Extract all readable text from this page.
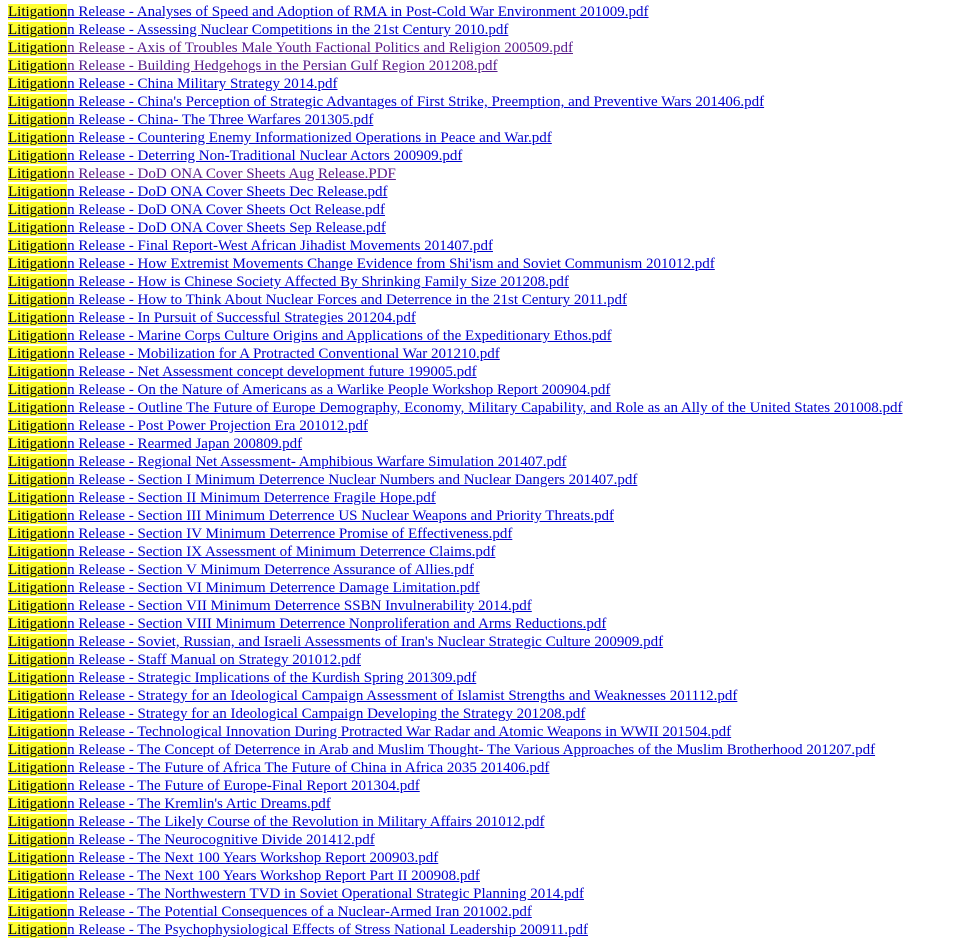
Litigationn Release - Analyses of Speed and Adoption of RMA in Post-Cold War Environment 201009.pdf
Litigationn Release - Assessing Nuclear Competitions in the 21st Century 2010.pdf
Litigationn Release - Axis of Troubles Male Youth Factional Politics and Religion 200509.pdf
Litigationn Release - Building Hedgehogs in the Persian Gulf Region 201208.pdf
Litigationn Release - China Military Strategy 2014.pdf
Litigationn Release - China's Perception of Strategic Advantages of First Strike, Preemption, and Preventive Wars 201406.pdf
Litigationn Release - China- The Three Warfares 201305.pdf
Litigationn Release - Countering Enemy Informationized Operations in Peace and War.pdf
Litigationn Release - Deterring Non-Traditional Nuclear Actors 200909.pdf
Litigationn Release - DoD ONA Cover Sheets Aug Release.PDF
Litigationn Release - DoD ONA Cover Sheets Dec Release.pdf
Litigationn Release - DoD ONA Cover Sheets Oct Release.pdf
Litigationn Release - DoD ONA Cover Sheets Sep Release.pdf
Litigationn Release - Final Report-West African Jihadist Movements 201407.pdf
Litigationn Release - How Extremist Movements Change Evidence from Shi'ism and Soviet Communism 201012.pdf
Litigationn Release - How is Chinese Society Affected By Shrinking Family Size 201208.pdf
Litigationn Release - How to Think About Nuclear Forces and Deterrence in the 21st Century 2011.pdf
Litigationn Release - In Pursuit of Successful Strategies 201204.pdf
Litigationn Release - Marine Corps Culture Origins and Applications of the Expeditionary Ethos.pdf
Litigationn Release - Mobilization for A Protracted Conventional War 201210.pdf
Litigationn Release - Net Assessment concept development future 199005.pdf
Litigationn Release - On the Nature of Americans as a Warlike People Workshop Report 200904.pdf
Litigationn Release - Outline The Future of Europe Demography, Economy, Military Capability, and Role as an Ally of the United States 201008.pdf
Litigationn Release - Post Power Projection Era 201012.pdf
Litigationn Release - Rearmed Japan 200809.pdf
Litigationn Release - Regional Net Assessment- Amphibious Warfare Simulation 201407.pdf
Litigationn Release - Section I Minimum Deterrence Nuclear Numbers and Nuclear Dangers 201407.pdf
Litigationn Release - Section II Minimum Deterrence Fragile Hope.pdf
Litigationn Release - Section III Minimum Deterrence US Nuclear Weapons and Priority Threats.pdf
Litigationn Release - Section IV Minimum Deterrence Promise of Effectiveness.pdf
Litigationn Release - Section IX Assessment of Minimum Deterrence Claims.pdf
Litigationn Release - Section V Minimum Deterrence Assurance of Allies.pdf
Litigationn Release - Section VI Minimum Deterrence Damage Limitation.pdf
Litigationn Release - Section VII Minimum Deterrence SSBN Invulnerability 2014.pdf
Litigationn Release - Section VIII Minimum Deterrence Nonproliferation and Arms Reductions.pdf
Litigationn Release - Soviet, Russian, and Israeli Assessments of Iran's Nuclear Strategic Culture 200909.pdf
Litigationn Release - Staff Manual on Strategy 201012.pdf
Litigationn Release - Strategic Implications of the Kurdish Spring 201309.pdf
Litigationn Release - Strategy for an Ideological Campaign Assessment of Islamist Strengths and Weaknesses 201112.pdf
Litigationn Release - Strategy for an Ideological Campaign Developing the Strategy 201208.pdf
Litigationn Release - Technological Innovation During Protracted War Radar and Atomic Weapons in WWII 201504.pdf
Litigationn Release - The Concept of Deterrence in Arab and Muslim Thought- The Various Approaches of the Muslim Brotherhood 201207.pdf
Litigationn Release - The Future of Africa The Future of China in Africa 2035 201406.pdf
Litigationn Release - The Future of Europe-Final Report 201304.pdf
Litigationn Release - The Kremlin's Artic Dreams.pdf
Litigationn Release - The Likely Course of the Revolution in Military Affairs 201012.pdf
Litigationn Release - The Neurocognitive Divide 201412.pdf
Litigationn Release - The Next 100 Years Workshop Report 200903.pdf
Litigationn Release - The Next 100 Years Workshop Report Part II 200908.pdf
Litigationn Release - The Northwestern TVD in Soviet Operational Strategic Planning 2014.pdf
Litigationn Release - The Potential Consequences of a Nuclear-Armed Iran 201002.pdf
Litigationn Release - The Psychophysiological Effects of Stress National Leadership 200911.pdf
